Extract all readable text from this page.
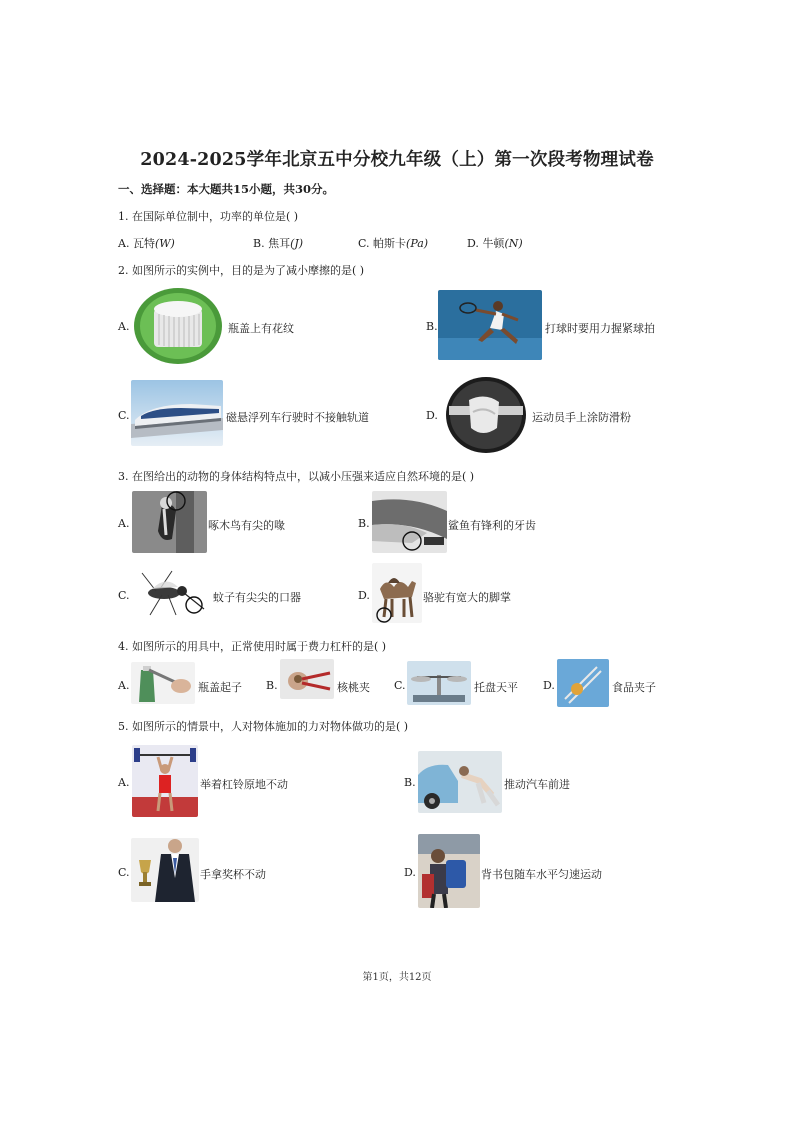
2024-2025学年北京五中分校九年级（上）第一次段考物理试卷
一、选择题：本大题共15小题，共30分。
1. 在国际单位制中，功率的单位是( )
A. 瓦特(W)	B. 焦耳(J)	C. 帕斯卡(Pa)	D. 牛顿(N)
2. 如图所示的实例中，目的是为了减小摩擦的是( )
A.	瓶盖上有花纹	B.	打球时要用力握紧球拍
C.	磁悬浮列车行驶时不接触轨道	D.	运动员手上涂防滑粉
3. 在图给出的动物的身体结构特点中，以减小压强来适应自然环境的是( )
A.	啄木鸟有尖的喙	B.	鲨鱼有锋利的牙齿
C.	蚊子有尖尖的口器	D.	骆驼有宽大的脚掌
4. 如图所示的用具中，正常使用时属于费力杠杆的是( )
A.	瓶盖起子 B.	核桃夹 C.	托盘天平 D.	食品夹子
5. 如图所示的情景中，人对物体施加的力对物体做功的是( )
A.	举着杠铃原地不动	B.	推动汽车前进
C.	手拿奖杯不动	D.	背书包随车水平匀速运动
第1页，共12页
